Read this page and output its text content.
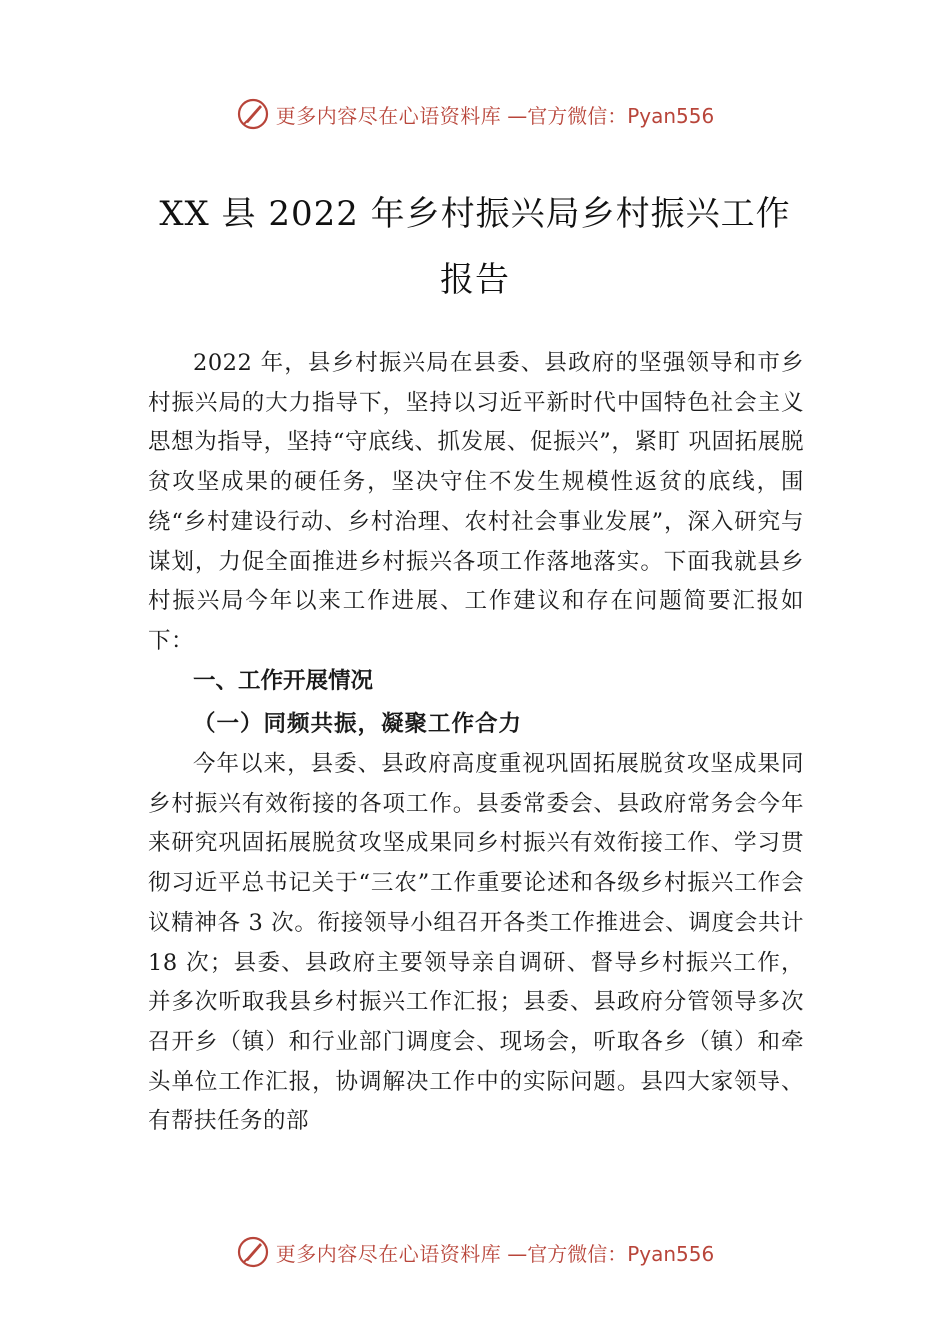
更多内容尽在心语资料库 —官方微信：Pyan556
XX 县 2022 年乡村振兴局乡村振兴工作
报告

2022 年，县乡村振兴局在县委、县政府的坚强领导和市乡村振兴局的大力指导下，坚持以习近平新时代中国特色社会主义思想为指导，坚持“守底线、抓发展、促振兴”，紧盯 巩固拓展脱贫攻坚成果的硬任务，坚决守住不发生规模性返贫的底线，围绕“乡村建设行动、乡村治理、农村社会事业发展”，深入研究与谋划，力促全面推进乡村振兴各项工作落地落实。下面我就县乡村振兴局今年以来工作进展、工作建议和存在问题简要汇报如下：

一、工作开展情况

（一）同频共振，凝聚工作合力

今年以来，县委、县政府高度重视巩固拓展脱贫攻坚成果同乡村振兴有效衔接的各项工作。县委常委会、县政府常务会今年来研究巩固拓展脱贫攻坚成果同乡村振兴有效衔接工作、学习贯彻习近平总书记关于“三农”工作重要论述和各级乡村振兴工作会议精神各 3 次。衔接领导小组召开各类工作推进会、调度会共计 18 次；县委、县政府主要领导亲自调研、督导乡村振兴工作，并多次听取我县乡村振兴工作汇报；县委、县政府分管领导多次召开乡（镇）和行业部门调度会、现场会，听取各乡（镇）和牵头单位工作汇报，协调解决工作中的实际问题。县四大家领导、有帮扶任务的部

更多内容尽在心语资料库 —官方微信：Pyan556
